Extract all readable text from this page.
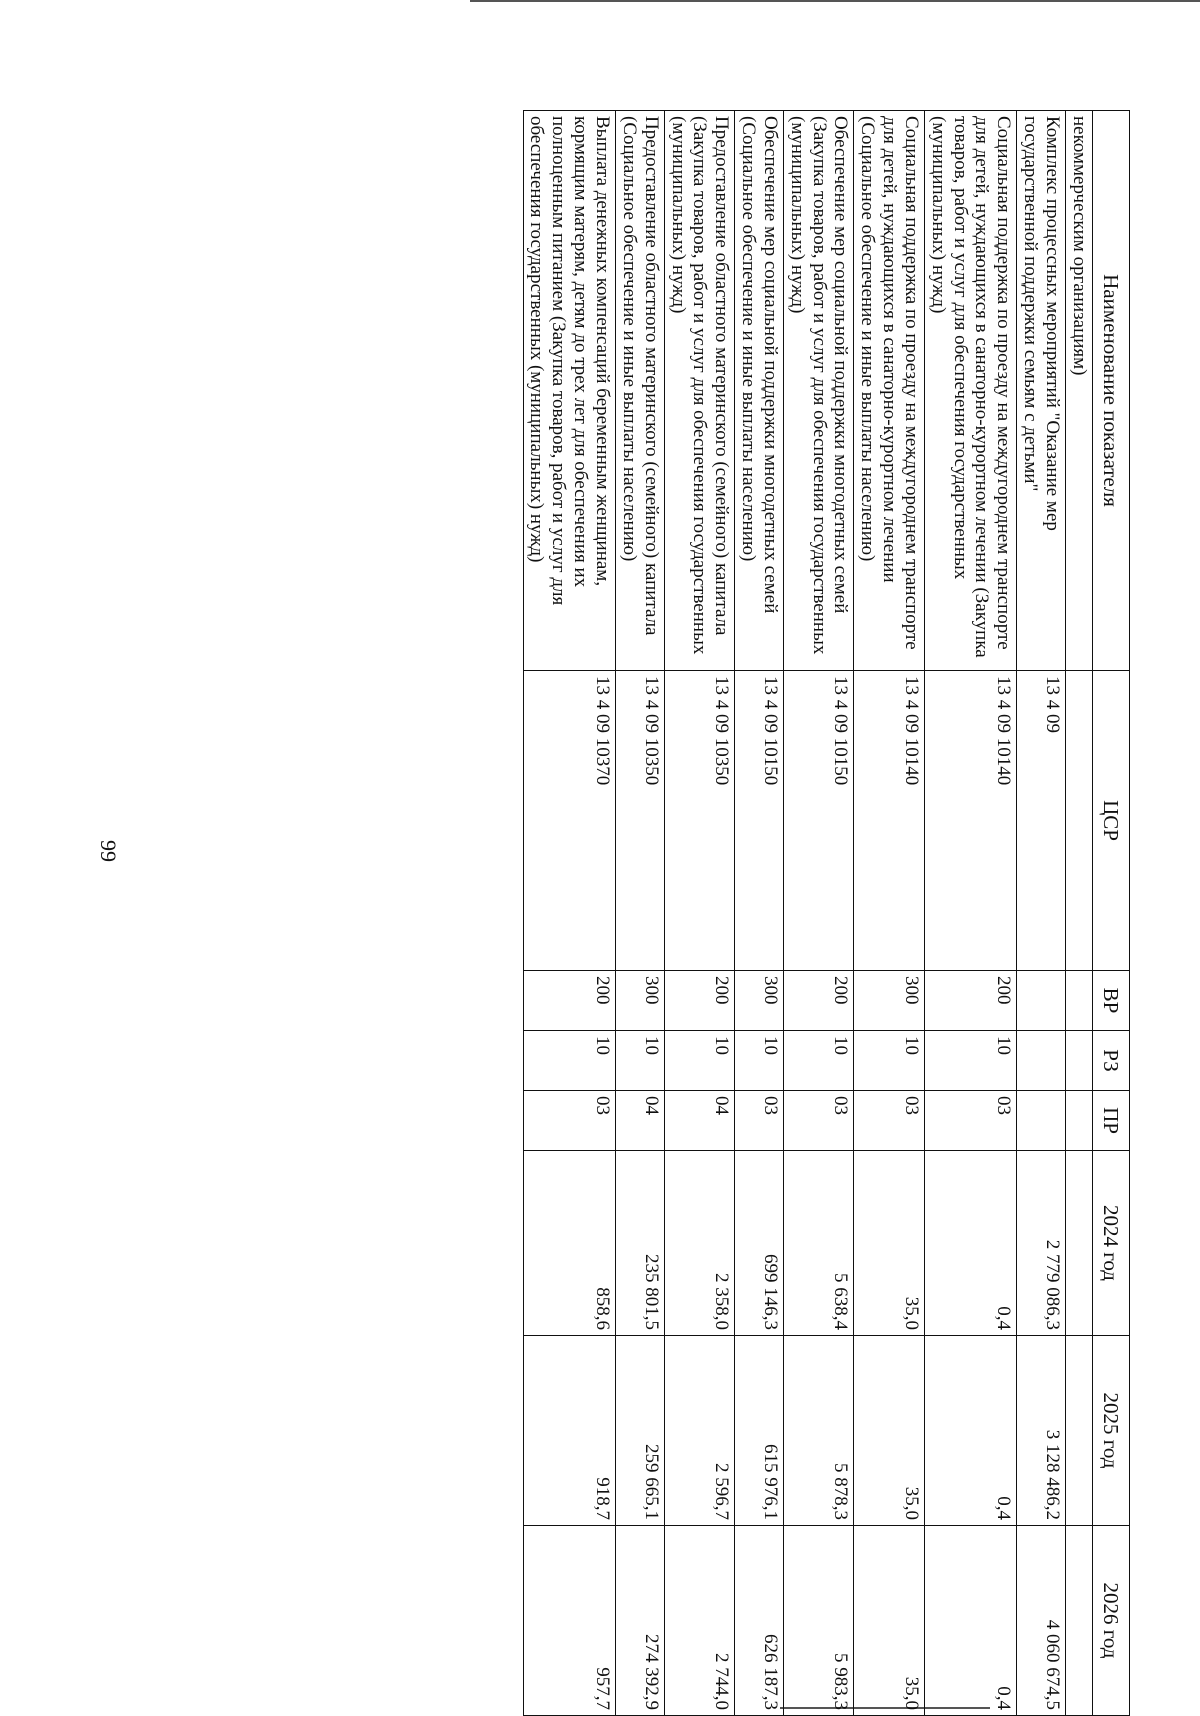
99
Наименование показателя	ЦСР	ВР	РЗ	ПР	2024 год	2025 год	2026 год
некоммерческим организациям)							
Комплекс процессных мероприятий "Оказание мер государственной поддержки семьям с детьми"	13 4 09				2 779 086,3	3 128 486,2	4 060 674,5
Социальная поддержка по проезду на междугороднем транспорте для детей, нуждающихся в санаторно-курортном лечении (Закупка товаров, работ и услуг для обеспечения государственных (муниципальных) нужд)	13 4 09 10140	200	10	03	0,4	0,4	0,4
Социальная поддержка по проезду на междугороднем транспорте для детей, нуждающихся в санаторно-курортном лечении (Социальное обеспечение и иные выплаты населению)	13 4 09 10140	300	10	03	35,0	35,0	35,0
Обеспечение мер социальной поддержки многодетных семей (Закупка товаров, работ и услуг для обеспечения государственных (муниципальных) нужд)	13 4 09 10150	200	10	03	5 638,4	5 878,3	5 983,3
Обеспечение мер социальной поддержки многодетных семей (Социальное обеспечение и иные выплаты населению)	13 4 09 10150	300	10	03	699 146,3	615 976,1	626 187,3
Предоставление областного материнского (семейного) капитала (Закупка товаров, работ и услуг для обеспечения государственных (муниципальных) нужд)	13 4 09 10350	200	10	04	2 358,0	2 596,7	2 744,0
Предоставление областного материнского (семейного) капитала (Социальное обеспечение и иные выплаты населению)	13 4 09 10350	300	10	04	235 801,5	259 665,1	274 392,9
Выплата денежных компенсаций беременным женщинам, кормящим матерям, детям до трех лет для обеспечения их полноценным питанием (Закупка товаров, работ и услуг для обеспечения государственных (муниципальных) нужд)	13 4 09 10370	200	10	03	858,6	918,7	957,7
